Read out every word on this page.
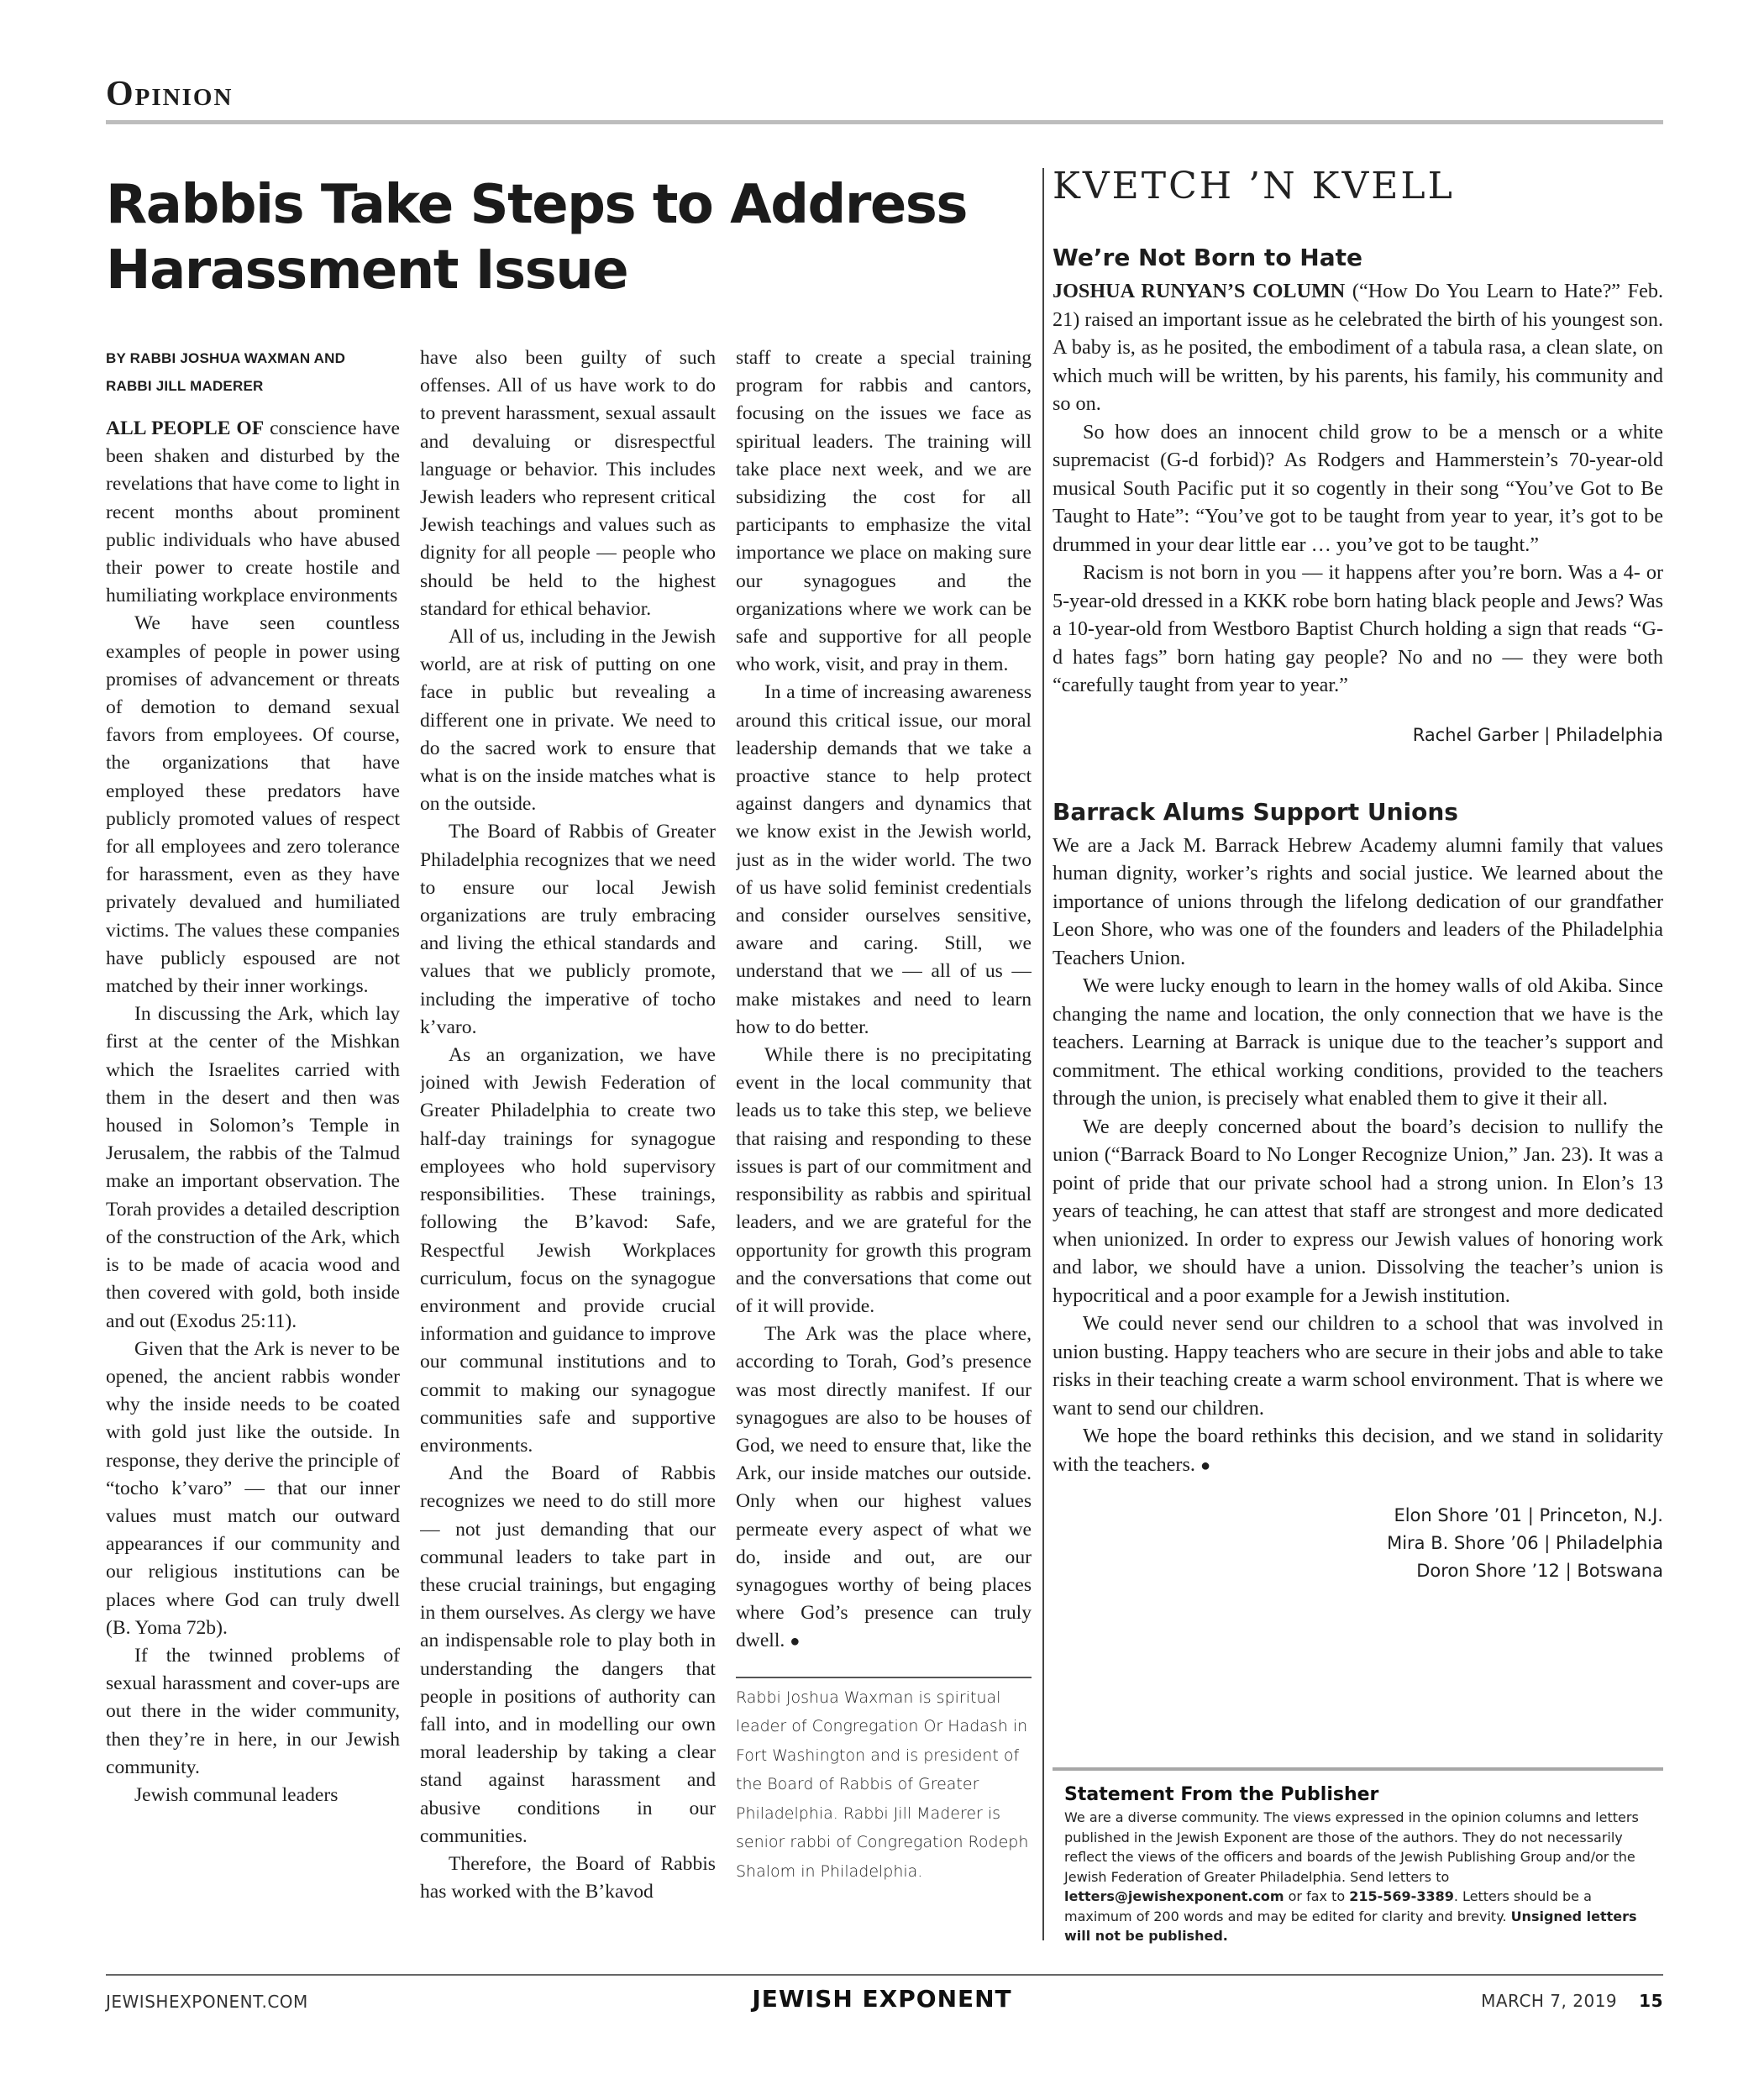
Opinion
Rabbis Take Steps to Address Harassment Issue
BY RABBI JOSHUA WAXMAN AND
RABBI JILL MADERER

ALL PEOPLE OF conscience have been shaken and disturbed by the revelations that have come to light in recent months about prominent public individuals who have abused their power to create hostile and humiliating workplace environments

We have seen countless examples of people in power using promises of advancement or threats of demotion to demand sexual favors from employees. Of course, the organizations that have employed these predators have publicly promoted values of respect for all employees and zero tolerance for harassment, even as they have privately devalued and humiliated victims. The values these companies have publicly espoused are not matched by their inner workings.

In discussing the Ark, which lay first at the center of the Mishkan which the Israelites carried with them in the desert and then was housed in Solomon’s Temple in Jerusalem, the rabbis of the Talmud make an important observation. The Torah provides a detailed description of the construction of the Ark, which is to be made of acacia wood and then covered with gold, both inside and out (Exodus 25:11).

Given that the Ark is never to be opened, the ancient rabbis wonder why the inside needs to be coated with gold just like the outside. In response, they derive the principle of “tocho k’varo” — that our inner values must match our outward appearances if our community and our religious institutions can be places where God can truly dwell (B. Yoma 72b).

If the twinned problems of sexual harassment and cover-ups are out there in the wider community, then they’re in here, in our Jewish community.

Jewish communal leaders

have also been guilty of such offenses. All of us have work to do to prevent harassment, sexual assault and devaluing or disrespectful language or behavior. This includes Jewish leaders who represent critical Jewish teachings and values such as dignity for all people — people who should be held to the highest standard for ethical behavior.

All of us, including in the Jewish world, are at risk of putting on one face in public but revealing a different one in private. We need to do the sacred work to ensure that what is on the inside matches what is on the outside.

The Board of Rabbis of Greater Philadelphia recognizes that we need to ensure our local Jewish organizations are truly embracing and living the ethical standards and values that we publicly promote, including the imperative of tocho k’varo.

As an organization, we have joined with Jewish Federation of Greater Philadelphia to create two half-day trainings for synagogue employees who hold supervisory responsibilities. These trainings, following the B’kavod: Safe, Respectful Jewish Workplaces curriculum, focus on the synagogue environment and provide crucial information and guidance to improve our communal institutions and to commit to making our synagogue communities safe and supportive environments.

And the Board of Rabbis recognizes we need to do still more — not just demanding that our communal leaders to take part in these crucial trainings, but engaging in them ourselves. As clergy we have an indispensable role to play both in understanding the dangers that people in positions of authority can fall into, and in modelling our own moral leadership by taking a clear stand against harassment and abusive conditions in our communities.

Therefore, the Board of Rabbis has worked with the B’kavod

staff to create a special training program for rabbis and cantors, focusing on the issues we face as spiritual leaders. The training will take place next week, and we are subsidizing the cost for all participants to emphasize the vital importance we place on making sure our synagogues and the organizations where we work can be safe and supportive for all people who work, visit, and pray in them.

In a time of increasing awareness around this critical issue, our moral leadership demands that we take a proactive stance to help protect against dangers and dynamics that we know exist in the Jewish world, just as in the wider world. The two of us have solid feminist credentials and consider ourselves sensitive, aware and caring. Still, we understand that we — all of us — make mistakes and need to learn how to do better.

While there is no precipitating event in the local community that leads us to take this step, we believe that raising and responding to these issues is part of our commitment and responsibility as rabbis and spiritual leaders, and we are grateful for the opportunity for growth this program and the conversations that come out of it will provide.

The Ark was the place where, according to Torah, God’s presence was most directly manifest. If our synagogues are also to be houses of God, we need to ensure that, like the Ark, our inside matches our outside. Only when our highest values permeate every aspect of what we do, inside and out, are our synagogues worthy of being places where God’s presence can truly dwell. ●

Rabbi Joshua Waxman is spiritual leader of Congregation Or Hadash in Fort Washington and is president of the Board of Rabbis of Greater Philadelphia. Rabbi Jill Maderer is senior rabbi of Congregation Rodeph Shalom in Philadelphia.
KVETCH ’N KVELL
We’re Not Born to Hate

JOSHUA RUNYAN’S COLUMN (“How Do You Learn to Hate?” Feb. 21) raised an important issue as he celebrated the birth of his youngest son. A baby is, as he posited, the embodiment of a tabula rasa, a clean slate, on which much will be written, by his parents, his family, his community and so on.

So how does an innocent child grow to be a mensch or a white supremacist (G-d forbid)? As Rodgers and Hammerstein’s 70-year-old musical South Pacific put it so cogently in their song “You’ve Got to Be Taught to Hate”: “You’ve got to be taught from year to year, it’s got to be drummed in your dear little ear … you’ve got to be taught.”

Racism is not born in you — it happens after you’re born. Was a 4- or 5-year-old dressed in a KKK robe born hating black people and Jews? Was a 10-year-old from Westboro Baptist Church holding a sign that reads “G-d hates fags” born hating gay people? No and no — they were both “carefully taught from year to year.”

Rachel Garber | Philadelphia
Barrack Alums Support Unions

We are a Jack M. Barrack Hebrew Academy alumni family that values human dignity, worker’s rights and social justice. We learned about the importance of unions through the lifelong dedication of our grandfather Leon Shore, who was one of the founders and leaders of the Philadelphia Teachers Union.

We were lucky enough to learn in the homey walls of old Akiba. Since changing the name and location, the only connection that we have is the teachers. Learning at Barrack is unique due to the teacher’s support and commitment. The ethical working conditions, provided to the teachers through the union, is precisely what enabled them to give it their all.

We are deeply concerned about the board’s decision to nullify the union (“Barrack Board to No Longer Recognize Union,” Jan. 23). It was a point of pride that our private school had a strong union. In Elon’s 13 years of teaching, he can attest that staff are strongest and more dedicated when unionized. In order to express our Jewish values of honoring work and labor, we should have a union. Dissolving the teacher’s union is hypocritical and a poor example for a Jewish institution.

We could never send our children to a school that was involved in union busting. Happy teachers who are secure in their jobs and able to take risks in their teaching create a warm school environment. That is where we want to send our children.

We hope the board rethinks this decision, and we stand in solidarity with the teachers. ●

Elon Shore ’01 | Princeton, N.J.
Mira B. Shore ’06 | Philadelphia
Doron Shore ’12 | Botswana
Statement From the Publisher
We are a diverse community. The views expressed in the opinion columns and letters published in the Jewish Exponent are those of the authors. They do not necessarily reflect the views of the officers and boards of the Jewish Publishing Group and/or the Jewish Federation of Greater Philadelphia. Send letters to letters@jewishexponent.com or fax to 215-569-3389. Letters should be a maximum of 200 words and may be edited for clarity and brevity. Unsigned letters will not be published.
JEWISHEXPONENT.COM	JEWISH EXPONENT	MARCH 7, 2019 15
